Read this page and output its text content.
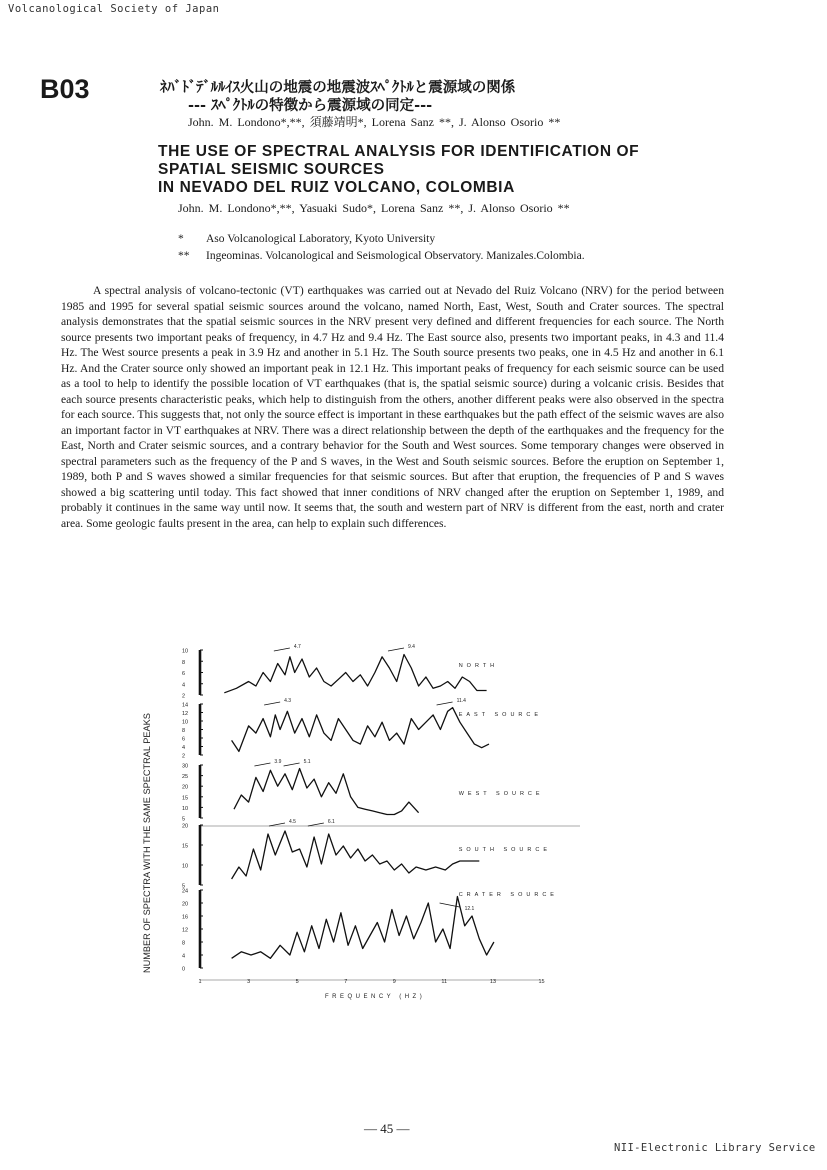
Volcanological Society of Japan
B03	ﾈﾊﾞﾄﾞﾃﾞﾙﾙｲｽ火山の地震の地震波ｽﾍﾟｸﾄﾙと震源域の関係
--- ｽﾍﾟｸﾄﾙの特徴から震源域の同定---
John. M. Londono*,**, 須藤靖明*, Lorena Sanz **, J. Alonso Osorio **
THE USE OF SPECTRAL ANALYSIS FOR IDENTIFICATION OF
SPATIAL SEISMIC SOURCES
IN NEVADO DEL RUIZ VOLCANO, COLOMBIA
John. M. Londono*,**, Yasuaki Sudo*, Lorena Sanz **, J. Alonso Osorio **
* Aso Volcanological Laboratory, Kyoto University
** Ingeominas. Volcanological and Seismological Observatory. Manizales.Colombia.
A spectral analysis of volcano-tectonic (VT) earthquakes was carried out at Nevado del Ruiz Volcano (NRV) for the period between 1985 and 1995 for several spatial seismic sources around the volcano, named North, East, West, South and Crater sources. The spectral analysis demonstrates that the spatial seismic sources in the NRV present very defined and different frequencies for each source. The North source presents two important peaks of frequency, in 4.7 Hz and 9.4 Hz. The East source also, presents two important peaks, in 4.3 and 11.4 Hz. The West source presents a peak in 3.9 Hz and another in 5.1 Hz. The South source presents two peaks, one in 4.5 Hz and another in 6.1 Hz. And the Crater source only showed an important peak in 12.1 Hz. This important peaks of frequency for each seismic source can be used as a tool to help to identify the possible location of VT earthquakes (that is, the spatial seismic source) during a volcanic crisis. Besides that each source presents characteristic peaks, which help to distinguish from the others, another different peaks were also observed in the spectra for each source. This suggests that, not only the source effect is important in these earthquakes but the path effect of the seismic waves are also an important factor in VT earthquakes at NRV. There was a direct relationship between the depth of the earthquakes and the frequency for the East, North and Crater seismic sources, and a contrary behavior for the South and West sources. Some temporary changes were observed in spectral parameters such as the frequency of the P and S waves, in the West and South seismic sources. Before the eruption on September 1, 1989, both P and S waves showed a similar frequencies for that seismic sources. But after that eruption, the frequencies of P and S waves showed a big scattering until today. This fact showed that inner conditions of NRV changed after the eruption on September 1, 1989, and probably it continues in the same way until now. It seems that, the south and western part of NRV is different from the east, north and crater area. Some geologic faults present in the area, can help to explain such differences.
10
8
6
4
2
NORTH
4.7	9.4
14
12
10
8
6
4
2
EAST SOURCE
4.3	11.4
30
25
20
15
10
5
WEST SOURCE
3.9	5.1
20
15
10
5
SOUTH SOURCE
4.5	6.1
24
20
16
12
8
4
0
CRATER SOURCE
12.1
1	3	5	7	9	11	13	15
FREQUENCY (HZ)
NUMBER OF SPECTRA WITH THE SAME SPECTRAL PEAKS
— 45 —
NII-Electronic Library Service
